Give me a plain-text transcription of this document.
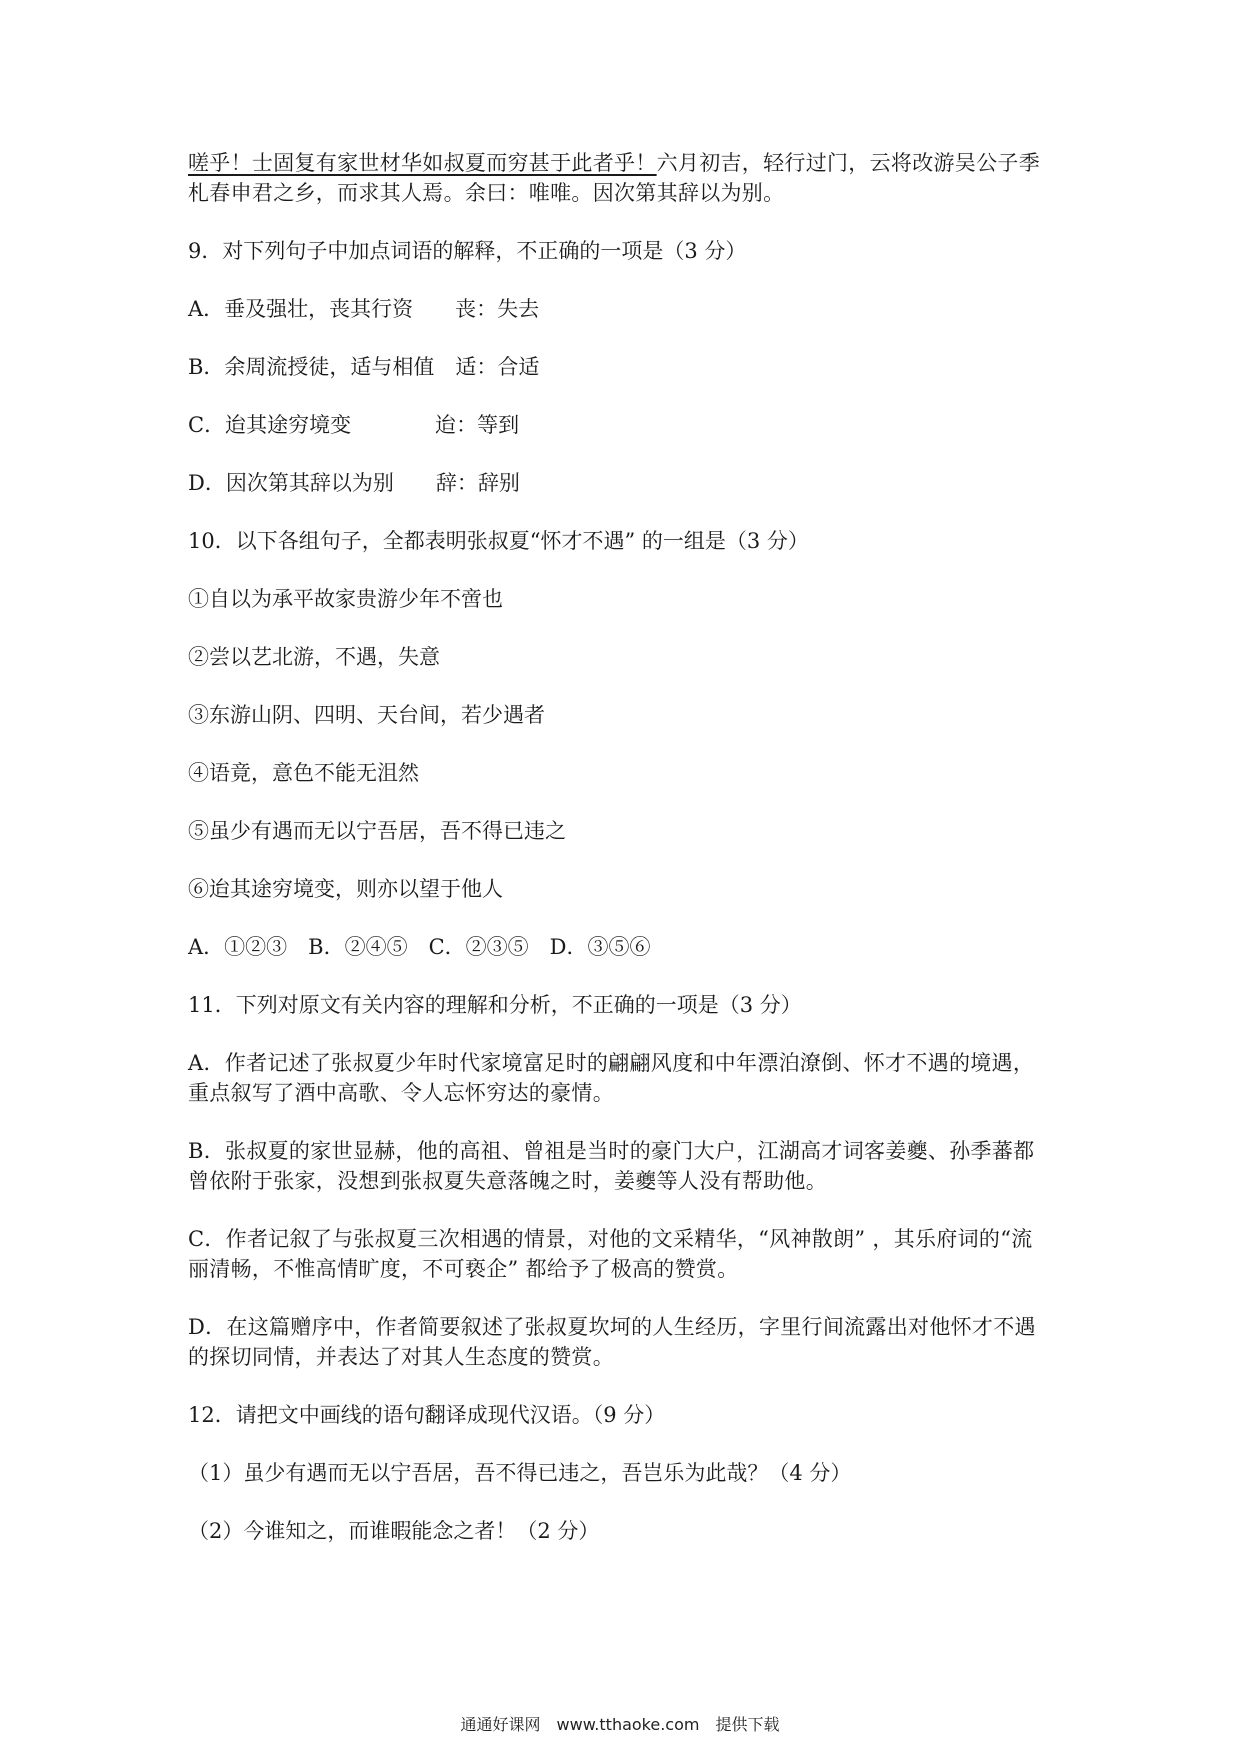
嗟乎！士固复有家世材华如叔夏而穷甚于此者乎！六月初吉，轻行过门，云将改游吴公子季
札春申君之乡，而求其人焉。余曰：唯唯。因次第其辞以为别。

9．对下列句子中加点词语的解释，不正确的一项是（3 分）

A．垂及强壮，丧其行资　　丧：失去

B．余周流授徒，适与相值　适：合适

C．迨其途穷境变　　　　迨：等到

D．因次第其辞以为别　　辞：辞别

10．以下各组句子，全都表明张叔夏“怀才不遇” 的一组是（3 分）

①自以为承平故家贵游少年不啻也

②尝以艺北游，不遇，失意

③东游山阴、四明、天台间，若少遇者

④语竟，意色不能无沮然

⑤虽少有遇而无以宁吾居，吾不得已违之

⑥迨其途穷境变，则亦以望于他人

A．①②③　B．②④⑤　C．②③⑤　D．③⑤⑥

11．下列对原文有关内容的理解和分析，不正确的一项是（3 分）

A．作者记述了张叔夏少年时代家境富足时的翩翩风度和中年漂泊潦倒、怀才不遇的境遇，
重点叙写了酒中高歌、令人忘怀穷达的豪情。

B．张叔夏的家世显赫，他的高祖、曾祖是当时的豪门大户，江湖高才词客姜夔、孙季蕃都
曾依附于张家，没想到张叔夏失意落魄之时，姜夔等人没有帮助他。

C．作者记叙了与张叔夏三次相遇的情景，对他的文采精华，“风神散朗” ，其乐府词的“流
丽清畅，不惟高情旷度，不可亵企” 都给予了极高的赞赏。

D．在这篇赠序中，作者简要叙述了张叔夏坎坷的人生经历，字里行间流露出对他怀才不遇
的探切同情，并表达了对其人生态度的赞赏。

12．请把文中画线的语句翻译成现代汉语。（9 分）

（1）虽少有遇而无以宁吾居，吾不得已违之，吾岂乐为此哉？（4 分）

（2）今谁知之，而谁暇能念之者！（2 分）

通通好课网　www.tthaoke.com　提供下载
